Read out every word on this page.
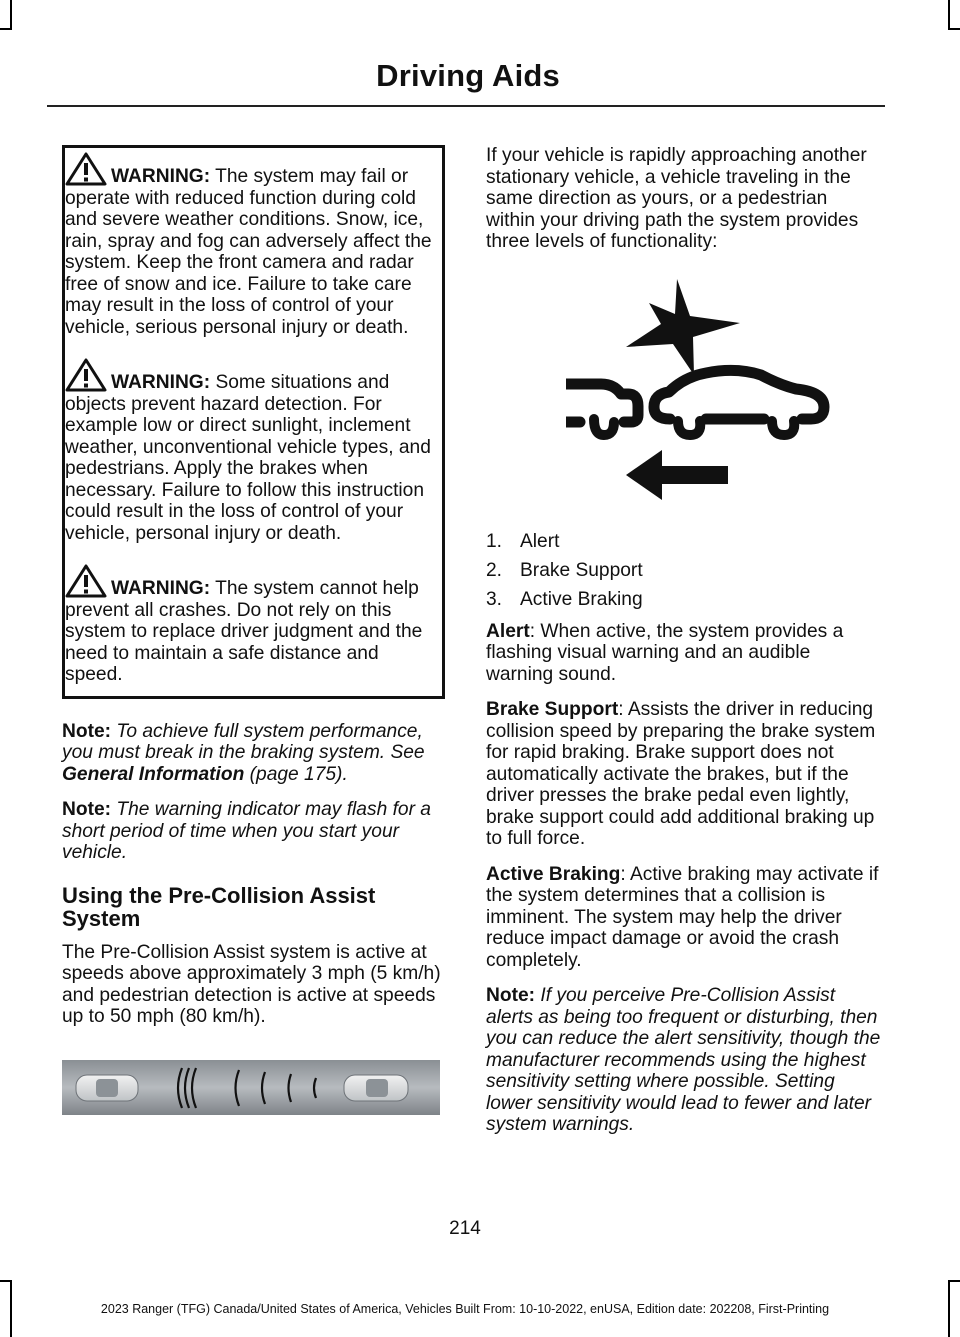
Driving Aids

WARNING: The system may fail or operate with reduced function during cold and severe weather conditions. Snow, ice, rain, spray and fog can adversely affect the system. Keep the front camera and radar free of snow and ice. Failure to take care may result in the loss of control of your vehicle, serious personal injury or death.

WARNING: Some situations and objects prevent hazard detection. For example low or direct sunlight, inclement weather, unconventional vehicle types, and pedestrians. Apply the brakes when necessary. Failure to follow this instruction could result in the loss of control of your vehicle, personal injury or death.

WARNING: The system cannot help prevent all crashes. Do not rely on this system to replace driver judgment and the need to maintain a safe distance and speed.

Note: To achieve full system performance, you must break in the braking system. See General Information (page 175).

Note: The warning indicator may flash for a short period of time when you start your vehicle.

Using the Pre-Collision Assist System

The Pre-Collision Assist system is active at speeds above approximately 3 mph (5 km/h) and pedestrian detection is active at speeds up to 50 mph (80 km/h).

If your vehicle is rapidly approaching another stationary vehicle, a vehicle traveling in the same direction as yours, or a pedestrian within your driving path the system provides three levels of functionality:

1. Alert
2. Brake Support
3. Active Braking

Alert: When active, the system provides a flashing visual warning and an audible warning sound.

Brake Support: Assists the driver in reducing collision speed by preparing the brake system for rapid braking. Brake support does not automatically activate the brakes, but if the driver presses the brake pedal even lightly, brake support could add additional braking up to full force.

Active Braking: Active braking may activate if the system determines that a collision is imminent. The system may help the driver reduce impact damage or avoid the crash completely.

Note: If you perceive Pre-Collision Assist alerts as being too frequent or disturbing, then you can reduce the alert sensitivity, though the manufacturer recommends using the highest sensitivity setting where possible. Setting lower sensitivity would lead to fewer and later system warnings.

214
2023 Ranger (TFG) Canada/United States of America, Vehicles Built From: 10-10-2022, enUSA, Edition date: 202208, First-Printing
